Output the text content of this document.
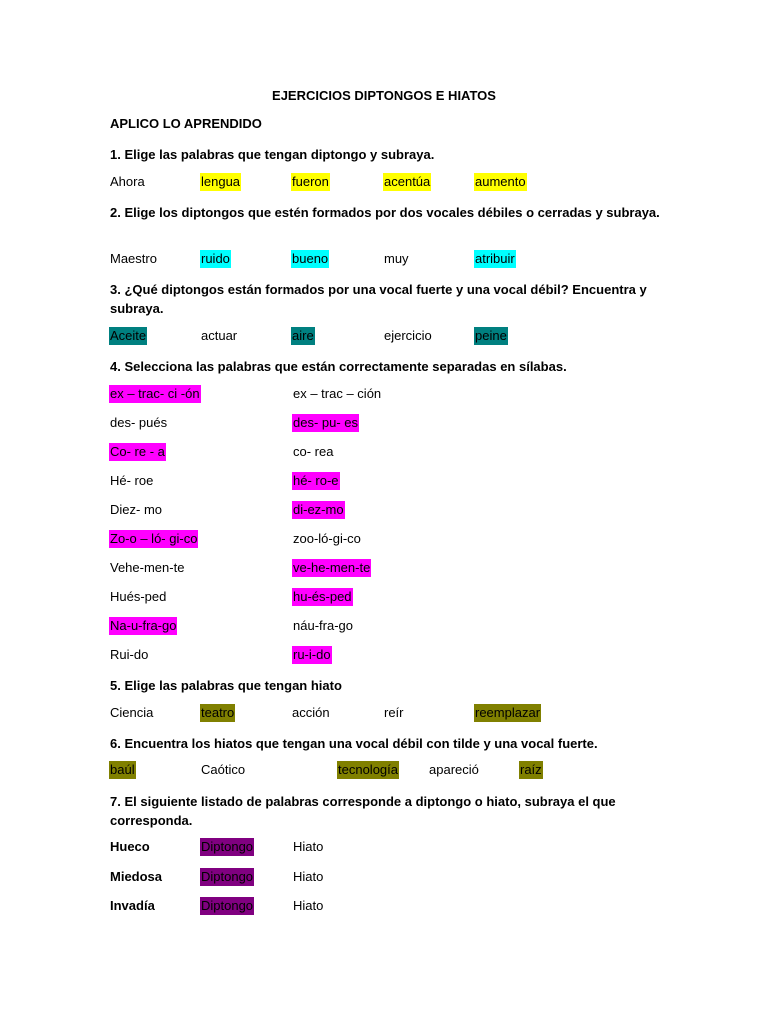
EJERCICIOS DIPTONGOS E HIATOS
APLICO LO APRENDIDO
1. Elige las palabras que tengan diptongo y subraya.
Ahora	lengua	fueron	acentúa	aumento
2. Elige los diptongos que estén formados por dos vocales débiles o cerradas y subraya.
Maestro	ruido	bueno	muy	atribuir
3. ¿Qué diptongos están formados por una vocal fuerte y una vocal débil? Encuentra y subraya.
Aceite	actuar	aire	ejercicio	peine
4. Selecciona las palabras que están correctamente separadas en sílabas.
ex – trac- ci -ón	ex – trac – ción
des- pués	des- pu- es
Co- re - a	co- rea
Hé- roe	hé- ro-e
Diez- mo	di-ez-mo
Zo-o – ló- gi-co	zoo-ló-gi-co
Vehe-men-te	ve-he-men-te
Hués-ped	hu-és-ped
Na-u-fra-go	náu-fra-go
Rui-do	ru-i-do
5. Elige las palabras que tengan hiato
Ciencia	teatro	acción	reír	reemplazar
6. Encuentra los hiatos que tengan una vocal débil con tilde y una vocal fuerte.
baúl	Caótico	tecnología apareció	raíz
7. El siguiente listado de palabras corresponde a diptongo o hiato, subraya el que corresponda.
Hueco	Diptongo	Hiato
Miedosa	Diptongo	Hiato
Invadía	Diptongo	Hiato
